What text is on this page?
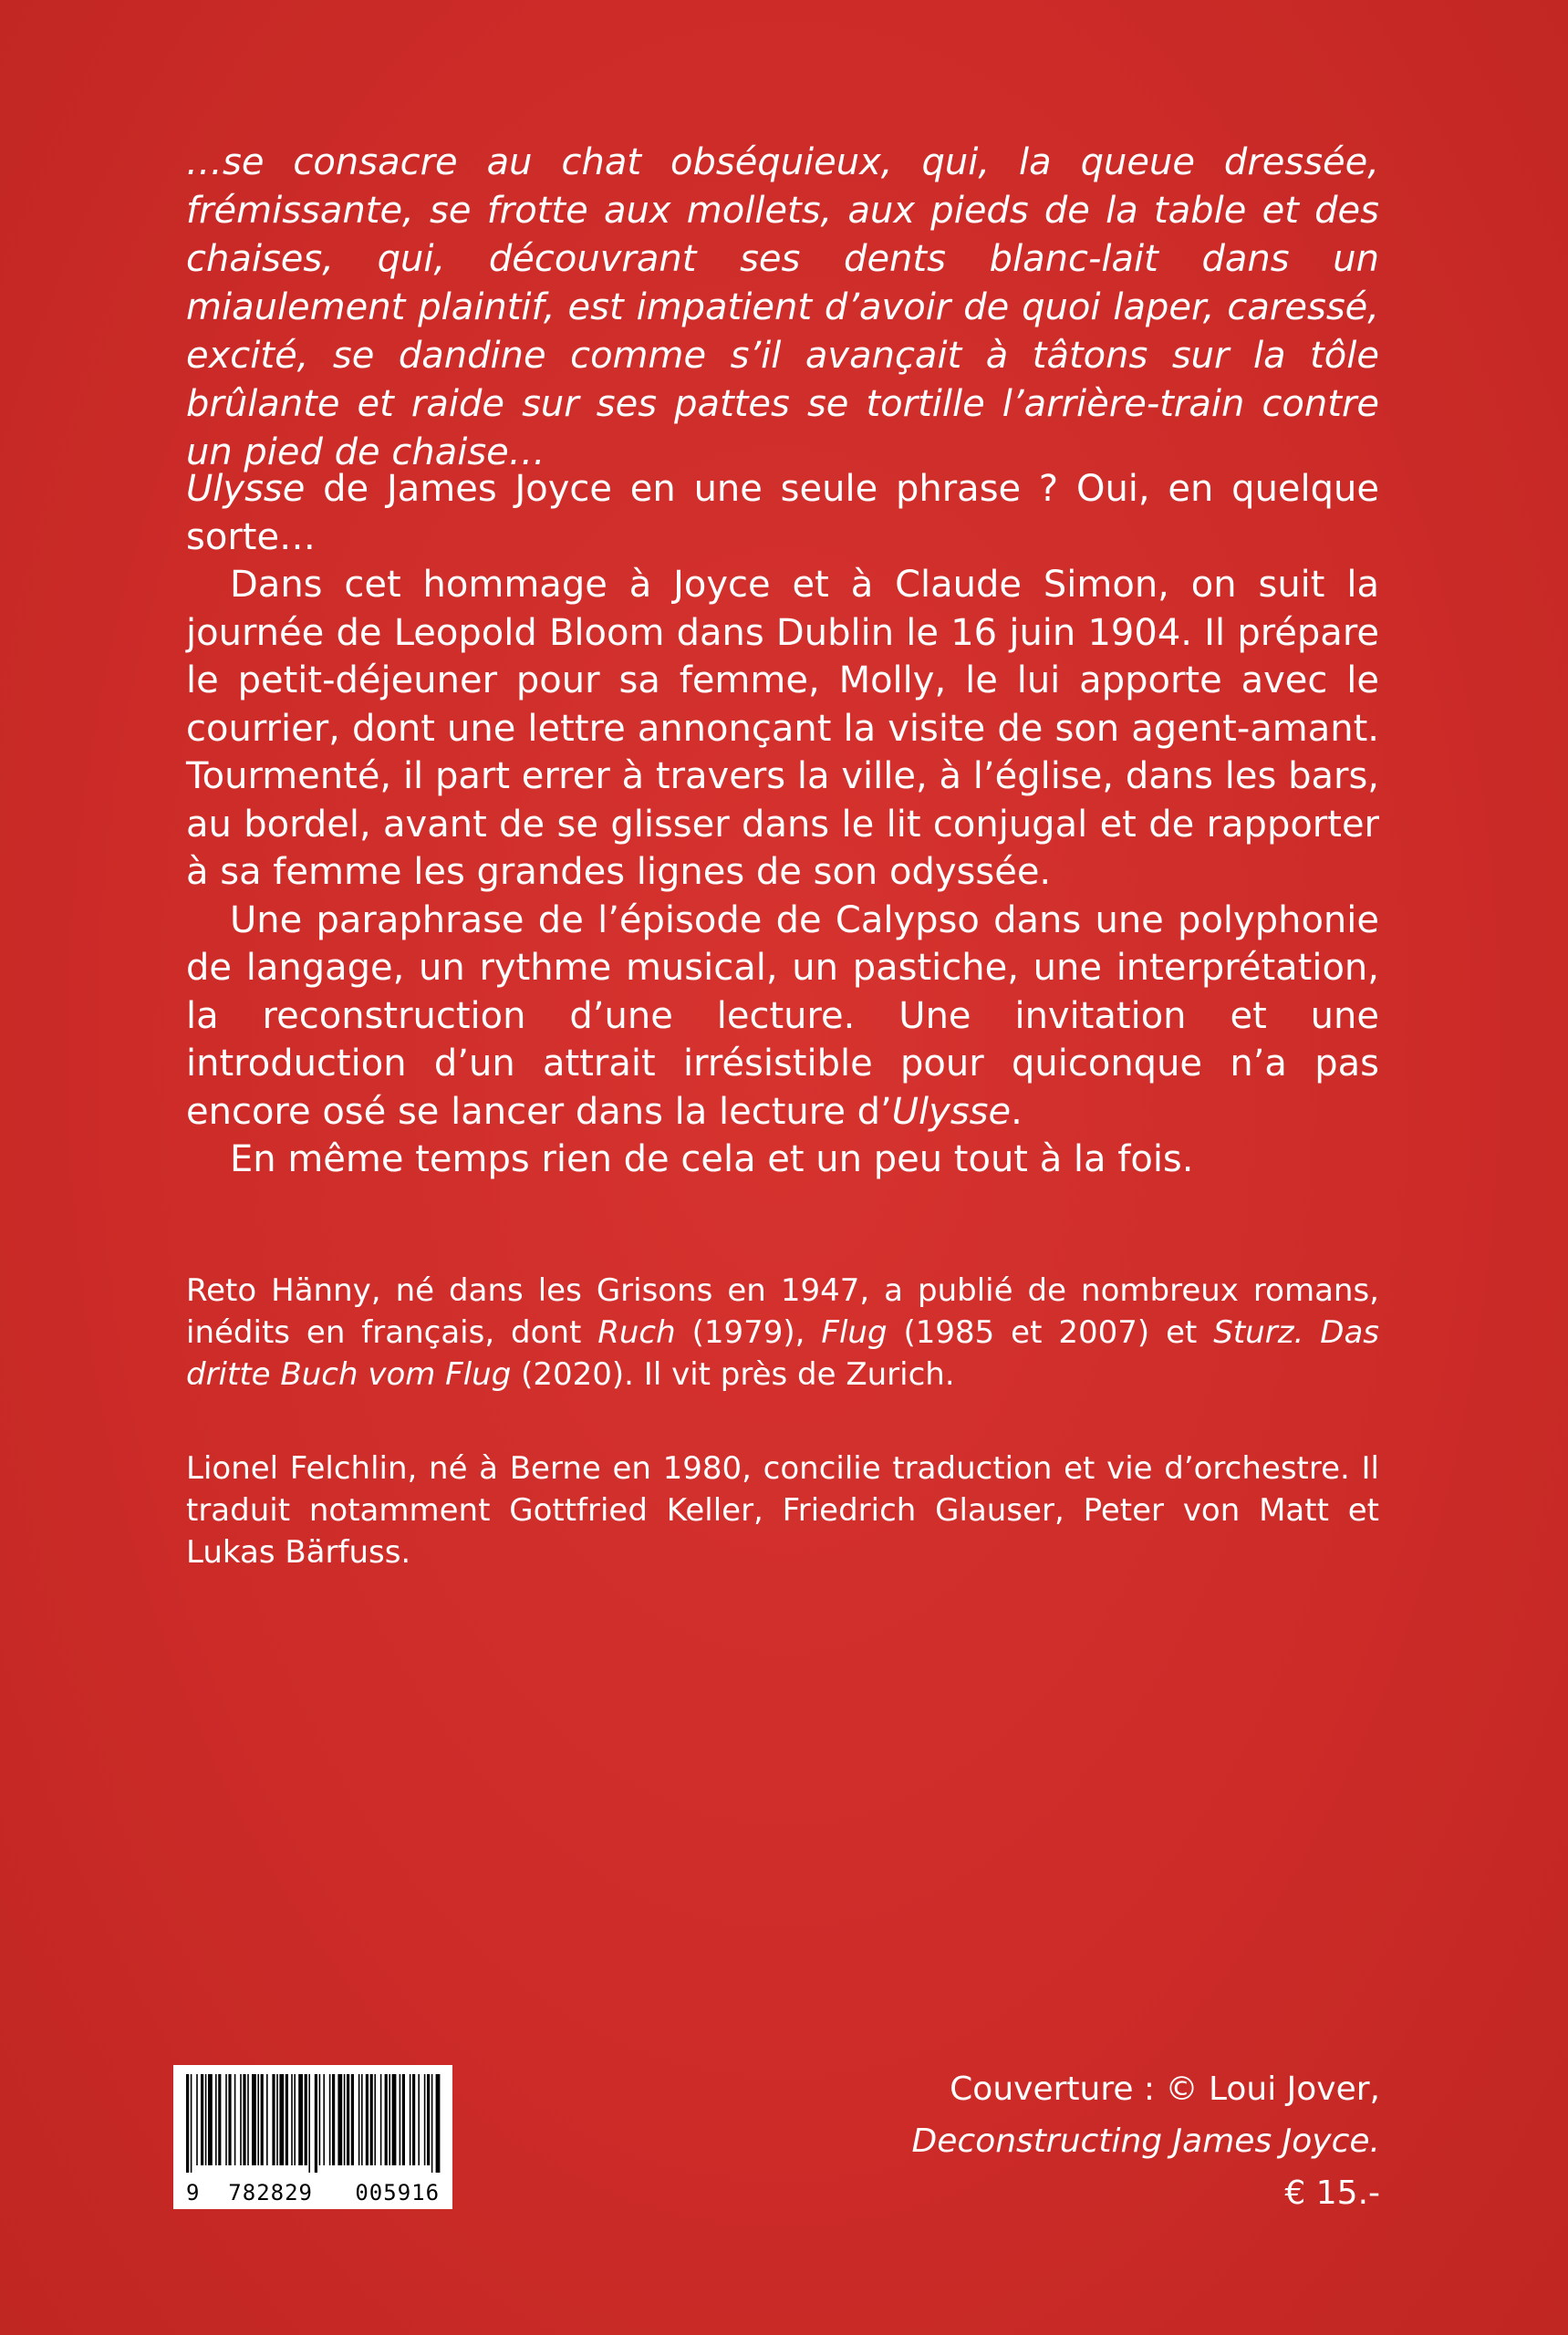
…se consacre au chat obséquieux, qui, la queue dressée, frémissante, se frotte aux mollets, aux pieds de la table et des chaises, qui, découvrant ses dents blanc-lait dans un miaulement plaintif, est impatient d’avoir de quoi laper, caressé, excité, se dandine comme s’il avançait à tâtons sur la tôle brûlante et raide sur ses pattes se tortille l’arrière-train contre un pied de chaise…

Ulysse de James Joyce en une seule phrase ? Oui, en quelque sorte…

Dans cet hommage à Joyce et à Claude Simon, on suit la journée de Leopold Bloom dans Dublin le 16 juin 1904. Il prépare le petit-déjeuner pour sa femme, Molly, le lui apporte avec le courrier, dont une lettre annonçant la visite de son agent-amant. Tourmenté, il part errer à travers la ville, à l’église, dans les bars, au bordel, avant de se glisser dans le lit conjugal et de rapporter à sa femme les grandes lignes de son odyssée.

Une paraphrase de l’épisode de Calypso dans une polyphonie de langage, un rythme musical, un pastiche, une interprétation, la reconstruction d’une lecture. Une invitation et une introduction d’un attrait irrésistible pour quiconque n’a pas encore osé se lancer dans la lecture d’Ulysse.

En même temps rien de cela et un peu tout à la fois.

Reto Hänny, né dans les Grisons en 1947, a publié de nombreux romans, inédits en français, dont Ruch (1979), Flug (1985 et 2007) et Sturz. Das dritte Buch vom Flug (2020). Il vit près de Zurich.

Lionel Felchlin, né à Berne en 1980, concilie traduction et vie d’orchestre. Il traduit notamment Gottfried Keller, Friedrich Glauser, Peter von Matt et Lukas Bärfuss.

9 782829 005916
Couverture : © Loui Jover,
Deconstructing James Joyce.
€ 15.-
